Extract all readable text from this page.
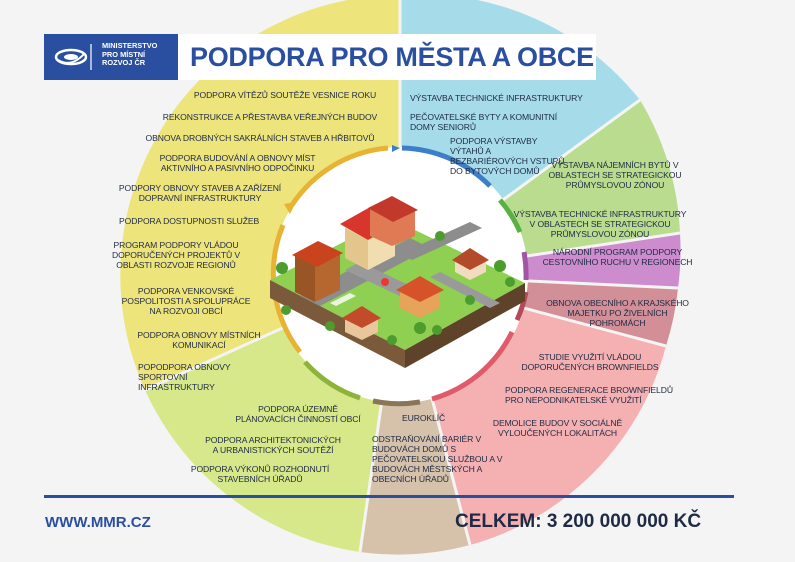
MINISTERSTVO
PRO MÍSTNÍ
ROZVOJ ČR	PODPORA PRO MĚSTA A OBCE
PODPORA VÍTĚZŮ SOUTĚŽE VESNICE ROKU
REKONSTRUKCE A PŘESTAVBA VEŘEJNÝCH BUDOV
OBNOVA DROBNÝCH SAKRÁLNÍCH STAVEB A HŘBITOVŮ
PODPORA BUDOVÁNÍ A OBNOVY MÍST AKTIVNÍHO A PASIVNÍHO ODPOČINKU
PODPORY OBNOVY STAVEB A ZAŘÍZENÍ DOPRAVNÍ INFRASTRUKTURY
PODPORA DOSTUPNOSTI SLUŽEB
PROGRAM PODPORY VLÁDOU DOPORUČENÝCH PROJEKTŮ V OBLASTI ROZVOJE REGIONŮ
PODPORA VENKOVSKÉ POSPOLITOSTI A SPOLUPRÁCE NA ROZVOJI OBCÍ
PODPORA OBNOVY MÍSTNÍCH KOMUNIKACÍ
POPODPORA OBNOVY SPORTOVNÍ INFRASTRUKTURY
VÝSTAVBA TECHNICKÉ INFRASTRUKTURY
PEČOVATELSKÉ BYTY A KOMUNITNÍ DOMY SENIORŮ
PODPORA VÝSTAVBY VÝTAHŮ A BEZBARIÉROVÝCH VSTUPŮ DO BYTOVÝCH DOMŮ
VÝSTAVBA NÁJEMNÍCH BYTŮ V OBLASTECH SE STRATEGICKOU PRŮMYSLOVOU ZÓNOU
VÝSTAVBA TECHNICKÉ INFRASTRUKTURY V OBLASTECH SE STRATEGICKOU PRŮMYSLOVOU ZÓNOU
NÁRODNÍ PROGRAM PODPORY CESTOVNÍHO RUCHU V REGIONECH
OBNOVA OBECNÍHO A KRAJSKÉHO MAJETKU PO ŽIVELNÍCH POHROMÁCH
STUDIE VYUŽITÍ VLÁDOU DOPORUČENÝCH BROWNFIELDS
PODPORA REGENERACE BROWNFIELDŮ PRO NEPODNIKATELSKÉ VYUŽITÍ
DEMOLICE BUDOV V SOCIÁLNĚ VYLOUČENÝCH LOKALITÁCH
EUROKLÍČ
ODSTRAŇOVÁNÍ BARIÉR V BUDOVÁCH DOMŮ S PEČOVATELSKOU SLUŽBOU A V BUDOVÁCH MĚSTSKÝCH A OBECNÍCH ÚŘADŮ
PODPORA ÚZEMNĚ PLÁNOVACÍCH ČINNOSTÍ OBCÍ
PODPORA ARCHITEKTONICKÝCH A URBANISTICKÝCH SOUTĚŽÍ
PODPORA VÝKONŮ ROZHODNUTÍ STAVEBNÍCH ÚŘADŮ
WWW.MMR.CZ	CELKEM: 3 200 000 000 KČ
